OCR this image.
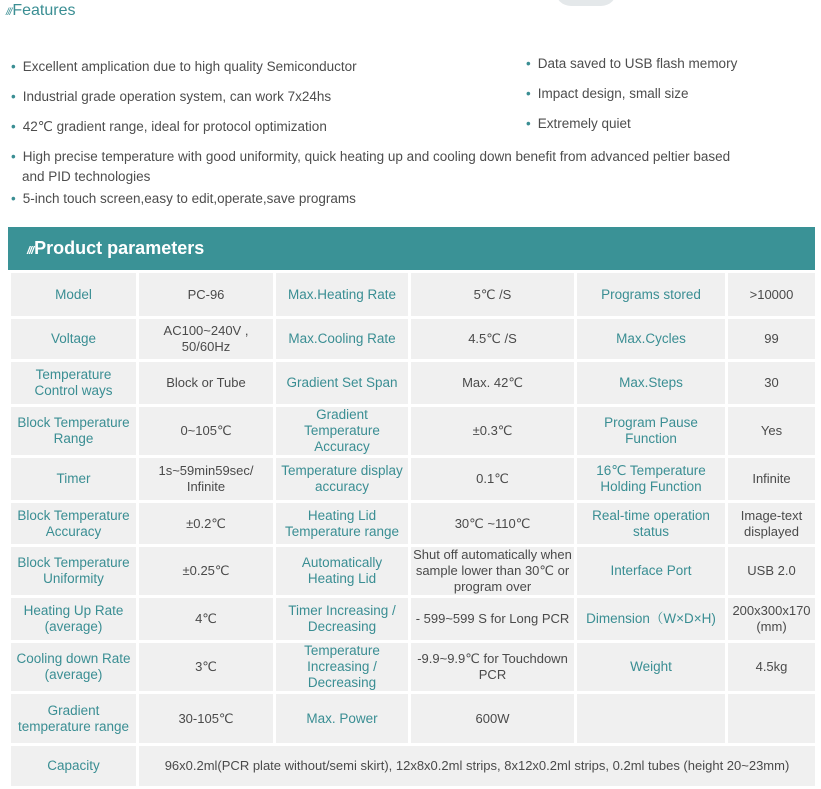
///Features
• Excellent amplication due to high quality Semiconductor
• Industrial grade operation system, can work 7x24hs
• 42℃ gradient range, ideal for protocol optimization
• Data saved to USB flash memory
• Impact design, small size
• Extremely quiet
• High precise temperature with good uniformity, quick heating up and cooling down benefit from advanced peltier based
and PID technologies
• 5-inch touch screen,easy to edit,operate,save programs
///Product parameters
Model	PC-96	Max.Heating Rate	5℃ /S	Programs stored	>10000
Voltage	AC100~240V , 50/60Hz	Max.Cooling Rate	4.5℃ /S	Max.Cycles	99
Temperature Control ways	Block or Tube	Gradient Set Span	Max. 42℃	Max.Steps	30
Block Temperature Range	0~105℃	Gradient Temperature Accuracy	±0.3℃	Program Pause Function	Yes
Timer	1s~59min59sec/ Infinite	Temperature display accuracy	0.1℃	16℃ Temperature Holding Function	Infinite
Block Temperature Accuracy	±0.2℃	Heating Lid Temperature range	30℃ ~110℃	Real-time operation status	Image-text displayed
Block Temperature Uniformity	±0.25℃	Automatically Heating Lid	Shut off automatically when sample lower than 30℃ or program over	Interface Port	USB 2.0
Heating Up Rate (average)	4℃	Timer Increasing / Decreasing	- 599~599 S for Long PCR	Dimension（W×D×H)	200x300x170 (mm)
Cooling down Rate (average)	3℃	Temperature Increasing / Decreasing	-9.9~9.9℃ for Touchdown PCR	Weight	4.5kg
Gradient temperature range	30-105℃	Max. Power	600W		
Capacity	96x0.2ml(PCR plate without/semi skirt), 12x8x0.2ml strips, 8x12x0.2ml strips, 0.2ml tubes (height 20~23mm)				
